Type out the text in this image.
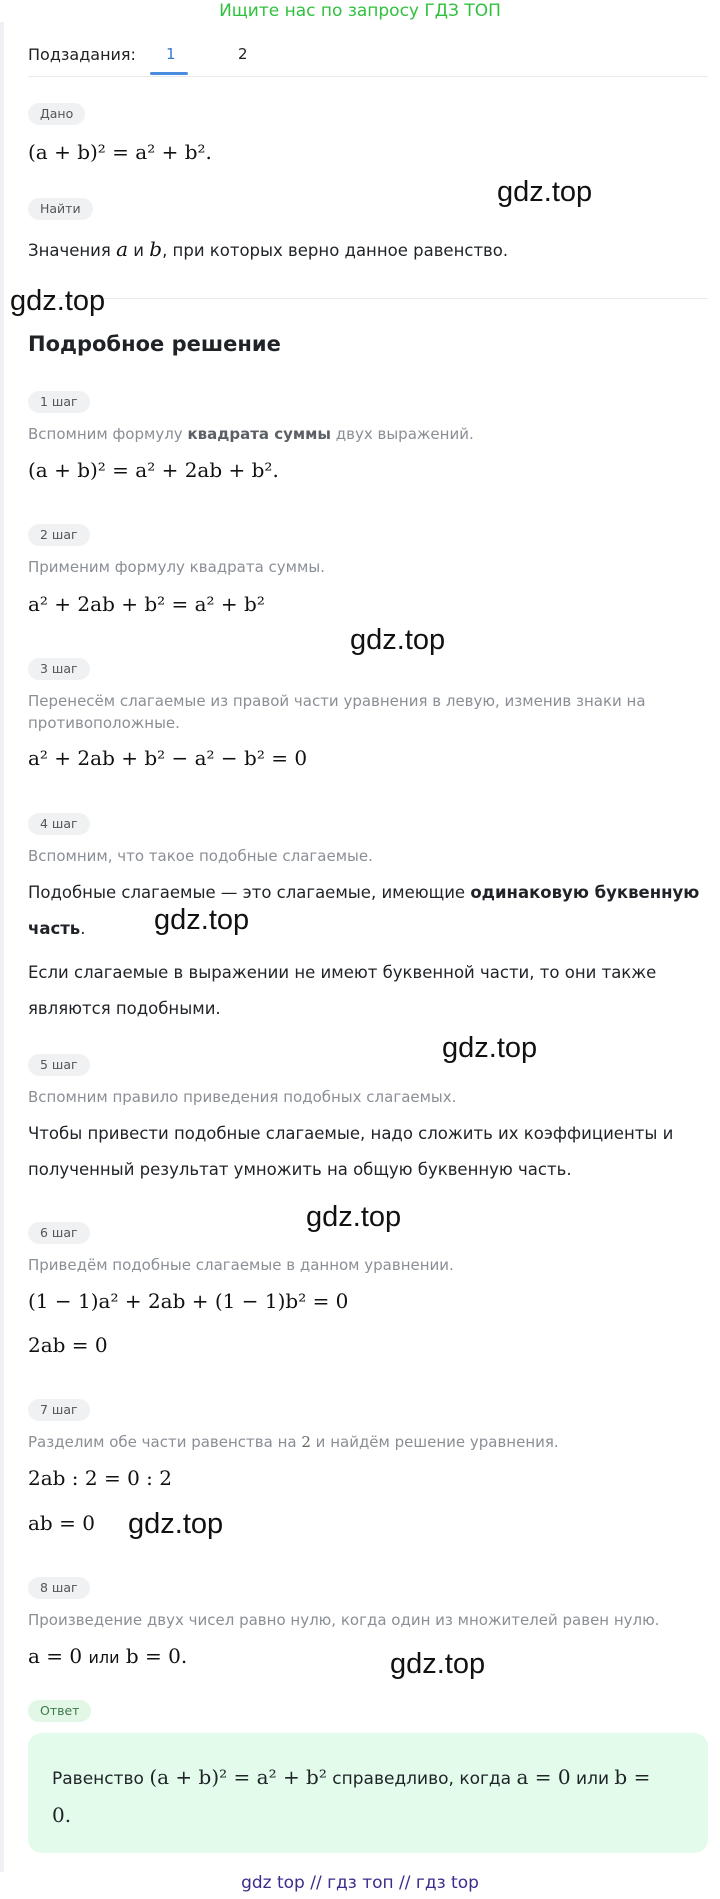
Ищите нас по запросу ГДЗ ТОП
Подзадания: 1	2
Дано
(a + b)² = a² + b².
Найти
Значения a и b, при которых верно данное равенство.
Подробное решение
1 шаг
Вспомним формулу квадрата суммы двух выражений.
(a + b)² = a² + 2ab + b².
2 шаг
Применим формулу квадрата суммы.
a² + 2ab + b² = a² + b²
3 шаг
Перенесём слагаемые из правой части уравнения в левую, изменив знаки на
противоположные.
a² + 2ab + b² − a² − b² = 0
4 шаг
Вспомним, что такое подобные слагаемые.
Подобные слагаемые — это слагаемые, имеющие одинаковую буквенную
часть.
Если слагаемые в выражении не имеют буквенной части, то они также
являются подобными.
5 шаг
Вспомним правило приведения подобных слагаемых.
Чтобы привести подобные слагаемые, надо сложить их коэффициенты и
полученный результат умножить на общую буквенную часть.
6 шаг
Приведём подобные слагаемые в данном уравнении.
(1 − 1)a² + 2ab + (1 − 1)b² = 0
2ab = 0
7 шаг
Разделим обе части равенства на 2 и найдём решение уравнения.
2ab : 2 = 0 : 2
ab = 0
8 шаг
Произведение двух чисел равно нулю, когда один из множителей равен нулю.
a = 0 или b = 0.
Ответ
Равенство (a + b)² = a² + b² справедливо, когда a = 0 или b =
0.
gdz.top
gdz.top
gdz.top
gdz.top
gdz.top
gdz.top
gdz.top
gdz.top
gdz top // гдз топ // гдз top
